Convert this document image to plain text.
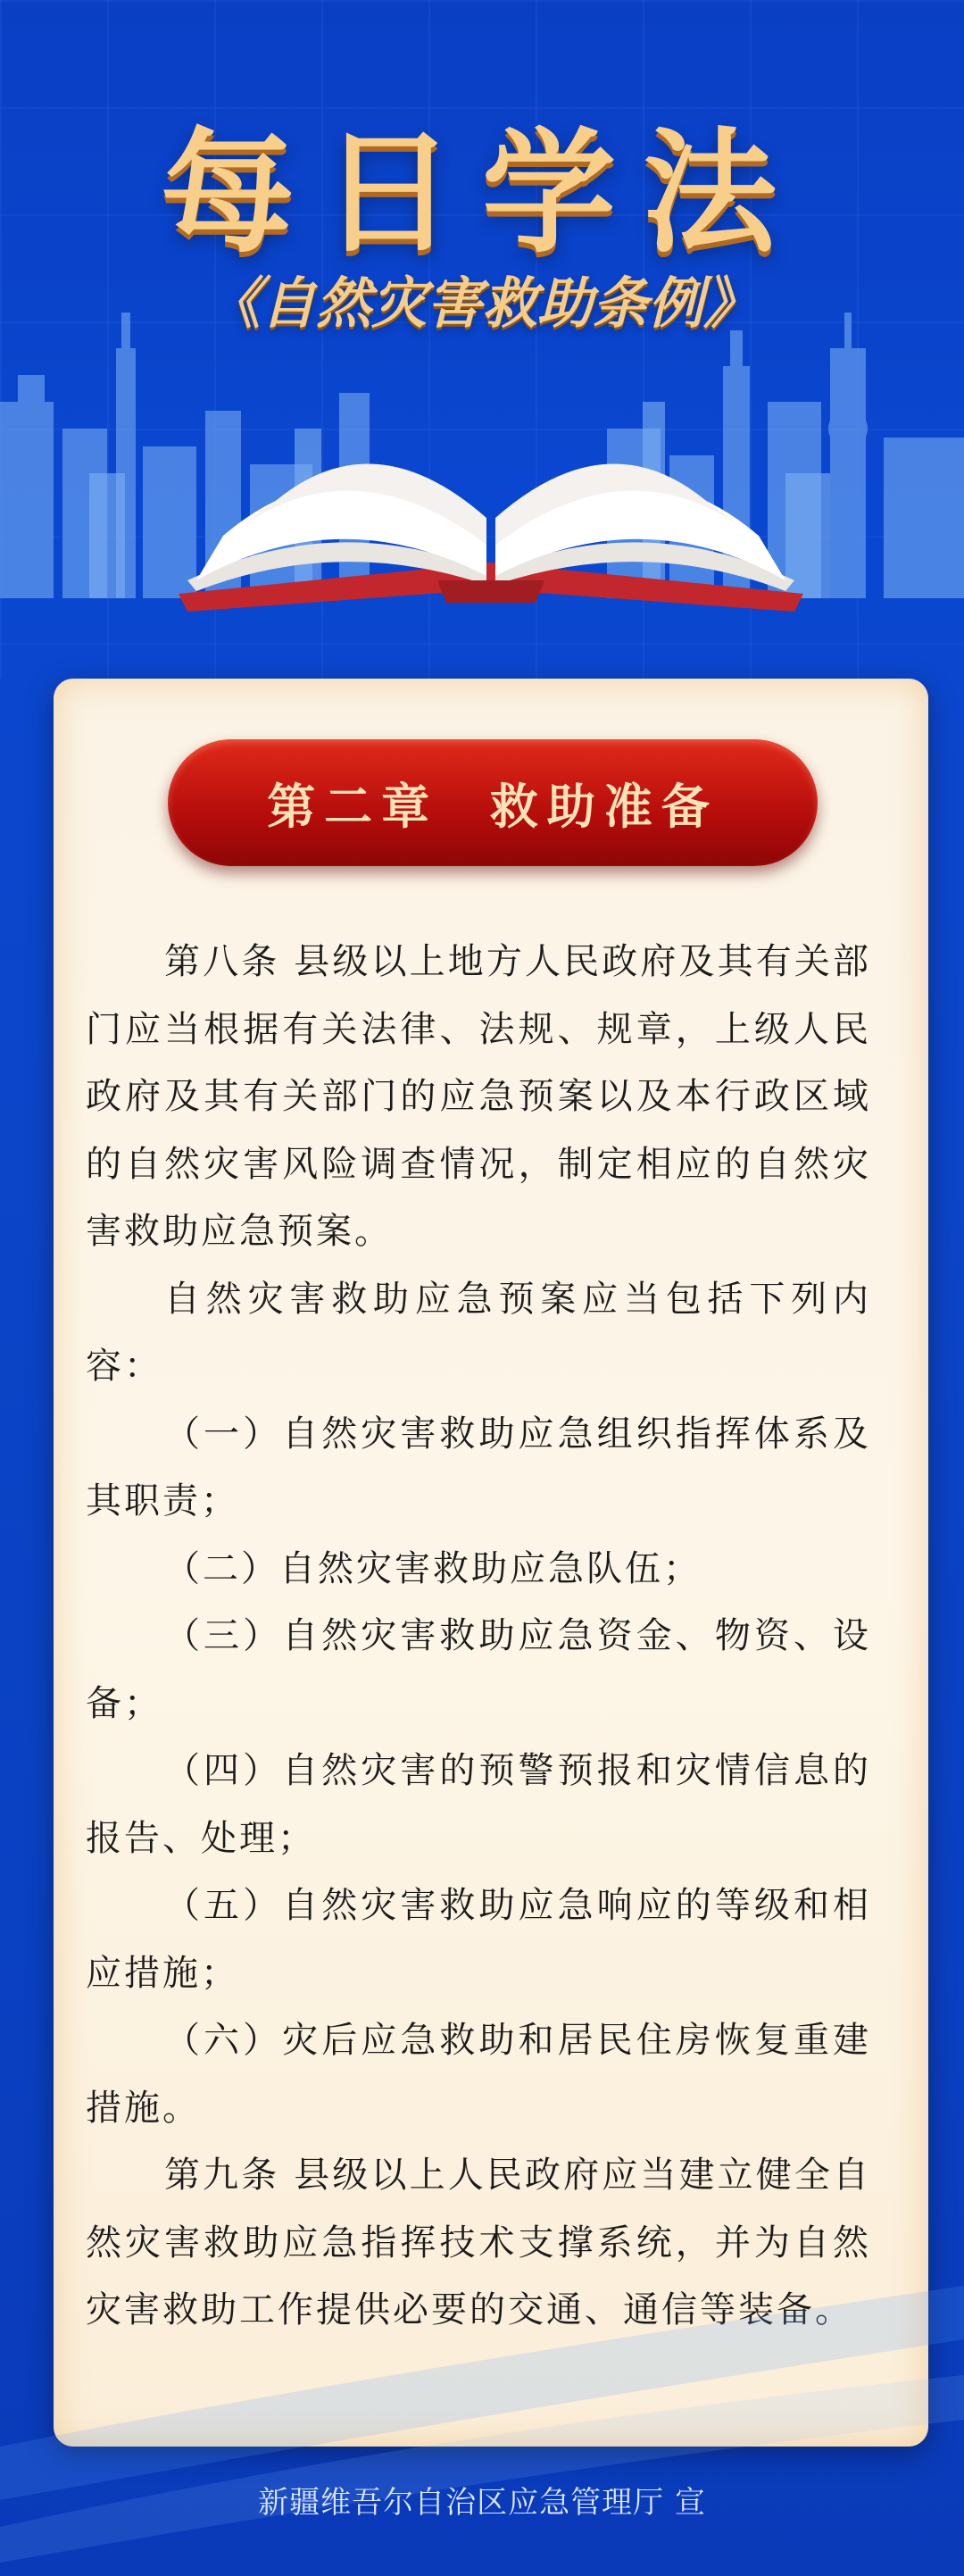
每日学法
《自然灾害救助条例》
第二章  救助准备

第八条 县级以上地方人民政府及其有关部门应当根据有关法律、法规、规章，上级人民政府及其有关部门的应急预案以及本行政区域的自然灾害风险调查情况，制定相应的自然灾害救助应急预案。

自然灾害救助应急预案应当包括下列内容：

（一）自然灾害救助应急组织指挥体系及其职责；

（二）自然灾害救助应急队伍；

（三）自然灾害救助应急资金、物资、设备；

（四）自然灾害的预警预报和灾情信息的报告、处理；

（五）自然灾害救助应急响应的等级和相应措施；

（六）灾后应急救助和居民住房恢复重建措施。

第九条 县级以上人民政府应当建立健全自然灾害救助应急指挥技术支撑系统，并为自然灾害救助工作提供必要的交通、通信等装备。

新疆维吾尔自治区应急管理厅 宣
